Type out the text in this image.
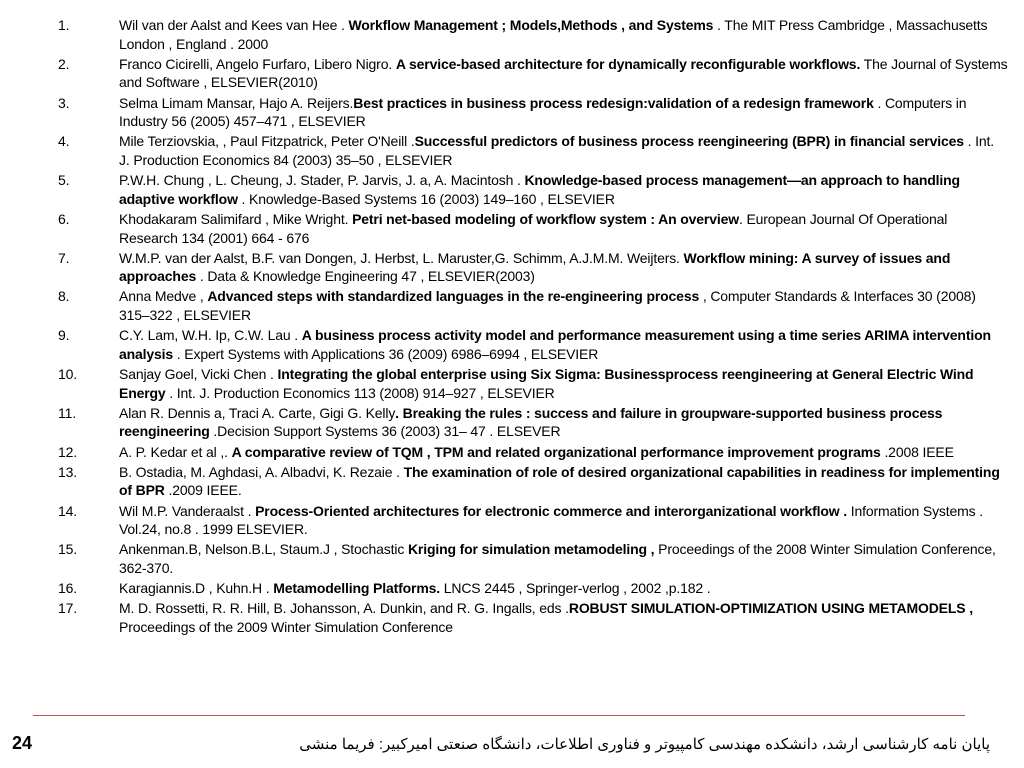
1.	Wil van der Aalst and Kees van Hee . Workflow Management ; Models,Methods , and Systems . The MIT Press Cambridge , Massachusetts London , England . 2000
2.	Franco Cicirelli, Angelo Furfaro, Libero Nigro. A service-based architecture for dynamically reconfigurable workflows. The Journal of Systems and Software , ELSEVIER(2010)
3.	Selma Limam Mansar, Hajo A. Reijers.Best practices in business process redesign:validation of a redesign framework . Computers in Industry 56 (2005) 457–471 , ELSEVIER
4.	Mile Terziovskia, , Paul Fitzpatrick, Peter O'Neill .Successful predictors of business process reengineering (BPR) in financial services . Int. J. Production Economics 84 (2003) 35–50 , ELSEVIER
5.	P.W.H. Chung , L. Cheung, J. Stader, P. Jarvis, J. a, A. Macintosh . Knowledge-based process management—an approach to handling adaptive workflow . Knowledge-Based Systems 16 (2003) 149–160 , ELSEVIER
6.	Khodakaram Salimifard , Mike Wright. Petri net-based modeling of workflow system : An overview. European Journal Of Operational Research 134 (2001) 664 - 676
7.	W.M.P. van der Aalst, B.F. van Dongen, J. Herbst, L. Maruster,G. Schimm, A.J.M.M. Weijters. Workflow mining: A survey of issues and approaches . Data & Knowledge Engineering 47 , ELSEVIER(2003)
8.	Anna Medve , Advanced steps with standardized languages in the re-engineering process , Computer Standards & Interfaces 30 (2008) 315–322 , ELSEVIER
9.	C.Y. Lam, W.H. Ip, C.W. Lau . A business process activity model and performance measurement using a time series ARIMA intervention analysis . Expert Systems with Applications 36 (2009) 6986–6994 , ELSEVIER
10.	Sanjay Goel, Vicki Chen . Integrating the global enterprise using Six Sigma: Businessprocess reengineering at General Electric Wind Energy . Int. J. Production Economics 113 (2008) 914–927 , ELSEVIER
11.	Alan R. Dennis a, Traci A. Carte, Gigi G. Kelly. Breaking the rules : success and failure in groupware-supported business process reengineering .Decision Support Systems 36 (2003) 31– 47 . ELSEVER
12.	A. P. Kedar et al ,. A comparative review of TQM , TPM and related organizational performance improvement programs .2008 IEEE
13.	B. Ostadia, M. Aghdasi, A. Albadvi, K. Rezaie . The examination of role of desired organizational capabilities in readiness for implementing of BPR .2009 IEEE.
14.	Wil M.P. Vanderaalst . Process-Oriented architectures for electronic commerce and interorganizational workflow . Information Systems . Vol.24, no.8 . 1999 ELSEVIER.
15.	Ankenman.B, Nelson.B.L, Staum.J , Stochastic Kriging for simulation metamodeling , Proceedings of the 2008 Winter Simulation Conference, 362-370.
16.	Karagiannis.D , Kuhn.H . Metamodelling Platforms. LNCS 2445 , Springer-verlog , 2002 ,p.182 .
17.	M. D. Rossetti, R. R. Hill, B. Johansson, A. Dunkin, and R. G. Ingalls, eds .ROBUST SIMULATION-OPTIMIZATION USING METAMODELS , Proceedings of the 2009 Winter Simulation Conference
24	پایان نامه کارشناسی ارشد، دانشکده مهندسی کامپیوتر و فناوری اطلاعات، دانشگاه صنعتی امیرکبیر: فریما منشی
